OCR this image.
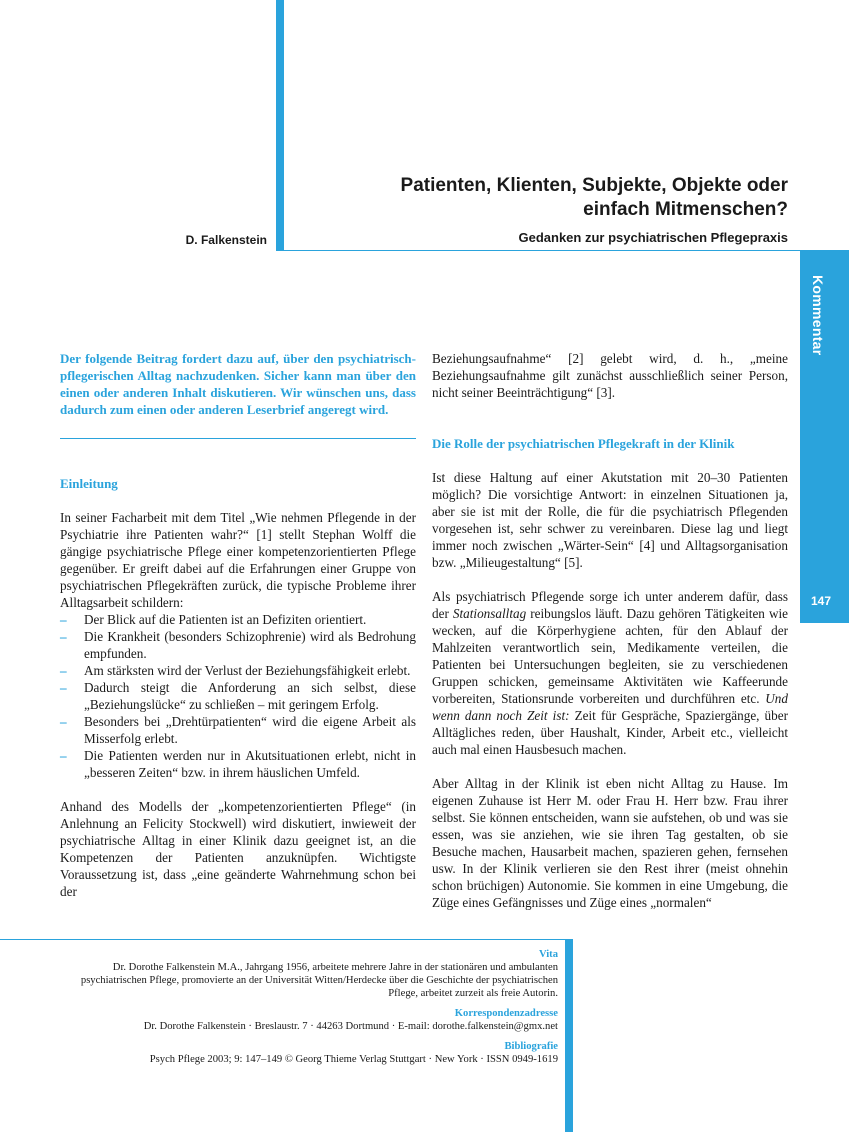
Patienten, Klienten, Subjekte, Objekte oder
einfach Mitmenschen?
Gedanken zur psychiatrischen Pflegepraxis
D. Falkenstein
Kommentar
147

Der folgende Beitrag fordert dazu auf, über den psychiatrisch-pflegerischen Alltag nachzudenken. Sicher kann man über den einen oder anderen Inhalt diskutieren. Wir wünschen uns, dass dadurch zum einen oder anderen Leserbrief angeregt wird.

Einleitung

In seiner Facharbeit mit dem Titel „Wie nehmen Pflegende in der Psychiatrie ihre Patienten wahr?“ [1] stellt Stephan Wolff die gängige psychiatrische Pflege einer kompetenzorientierten Pflege gegenüber. Er greift dabei auf die Erfahrungen einer Gruppe von psychiatrischen Pflegekräften zurück, die typische Probleme ihrer Alltagsarbeit schildern:

– Der Blick auf die Patienten ist an Defiziten orientiert.
– Die Krankheit (besonders Schizophrenie) wird als Bedrohung empfunden.
– Am stärksten wird der Verlust der Beziehungsfähigkeit erlebt.
– Dadurch steigt die Anforderung an sich selbst, diese „Beziehungslücke“ zu schließen – mit geringem Erfolg.
– Besonders bei „Drehtürpatienten“ wird die eigene Arbeit als Misserfolg erlebt.
– Die Patienten werden nur in Akutsituationen erlebt, nicht in „besseren Zeiten“ bzw. in ihrem häuslichen Umfeld.

Anhand des Modells der „kompetenzorientierten Pflege“ (in Anlehnung an Felicity Stockwell) wird diskutiert, inwieweit der psychiatrische Alltag in einer Klinik dazu geeignet ist, an die Kompetenzen der Patienten anzuknüpfen. Wichtigste Voraussetzung ist, dass „eine geänderte Wahrnehmung schon bei der

Beziehungsaufnahme“ [2] gelebt wird, d. h., „meine Beziehungsaufnahme gilt zunächst ausschließlich seiner Person, nicht seiner Beeinträchtigung“ [3].

Die Rolle der psychiatrischen Pflegekraft in der Klinik

Ist diese Haltung auf einer Akutstation mit 20–30 Patienten möglich? Die vorsichtige Antwort: in einzelnen Situationen ja, aber sie ist mit der Rolle, die für die psychiatrisch Pflegenden vorgesehen ist, sehr schwer zu vereinbaren. Diese lag und liegt immer noch zwischen „Wärter-Sein“ [4] und Alltagsorganisation bzw. „Milieugestaltung“ [5].

Als psychiatrisch Pflegende sorge ich unter anderem dafür, dass der Stationsalltag reibungslos läuft. Dazu gehören Tätigkeiten wie wecken, auf die Körperhygiene achten, für den Ablauf der Mahlzeiten verantwortlich sein, Medikamente verteilen, die Patienten bei Untersuchungen begleiten, sie zu verschiedenen Gruppen schicken, gemeinsame Aktivitäten wie Kaffeerunde vorbereiten, Stationsrunde vorbereiten und durchführen etc. Und wenn dann noch Zeit ist: Zeit für Gespräche, Spaziergänge, über Alltägliches reden, über Haushalt, Kinder, Arbeit etc., vielleicht auch mal einen Hausbesuch machen.

Aber Alltag in der Klinik ist eben nicht Alltag zu Hause. Im eigenen Zuhause ist Herr M. oder Frau H. Herr bzw. Frau ihrer selbst. Sie können entscheiden, wann sie aufstehen, ob und was sie essen, was sie anziehen, wie sie ihren Tag gestalten, ob sie Besuche machen, Hausarbeit machen, spazieren gehen, fernsehen usw. In der Klinik verlieren sie den Rest ihrer (meist ohnehin schon brüchigen) Autonomie. Sie kommen in eine Umgebung, die Züge eines Gefängnisses und Züge eines „normalen“

Vita
Dr. Dorothe Falkenstein M.A., Jahrgang 1956, arbeitete mehrere Jahre in der stationären und ambulanten psychiatrischen Pflege, promovierte an der Universität Witten/Herdecke über die Geschichte der psychiatrischen Pflege, arbeitet zurzeit als freie Autorin.
Korrespondenzadresse
Dr. Dorothe Falkenstein · Breslaustr. 7 · 44263 Dortmund · E-mail: dorothe.falkenstein@gmx.net
Bibliografie
Psych Pflege 2003; 9: 147–149 © Georg Thieme Verlag Stuttgart · New York · ISSN 0949-1619
